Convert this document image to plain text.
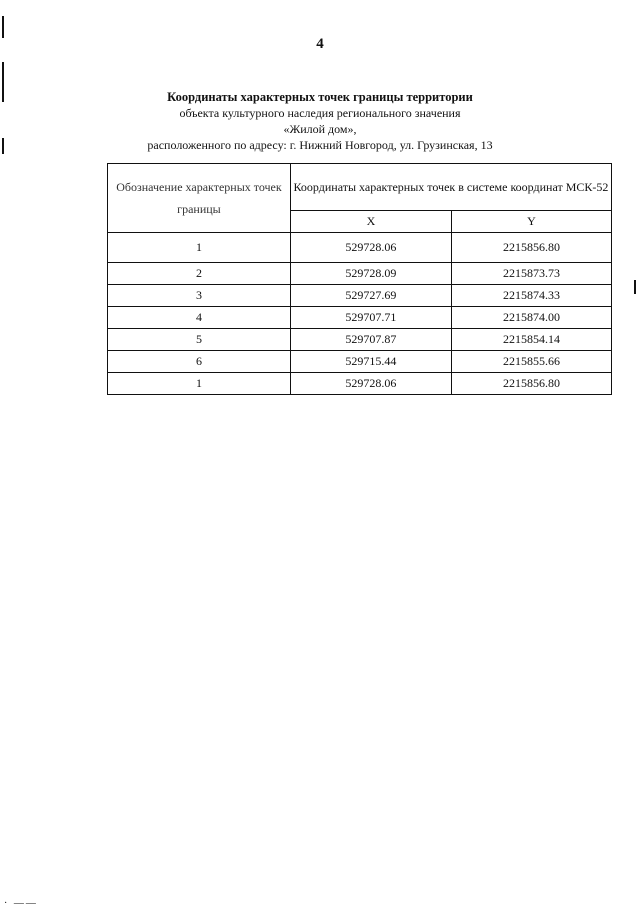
4
Координаты характерных точек границы территории
объекта культурного наследия регионального значения
«Жилой дом»,
расположенного по адресу: г. Нижний Новгород, ул. Грузинская, 13
Обозначение характерных точек границы	Координаты характерных точек в системе координат МСК-52	
	X	Y
1	529728.06	2215856.80
2	529728.09	2215873.73
3	529727.69	2215874.33
4	529707.71	2215874.00
5	529707.87	2215854.14
6	529715.44	2215855.66
1	529728.06	2215856.80
· ——
